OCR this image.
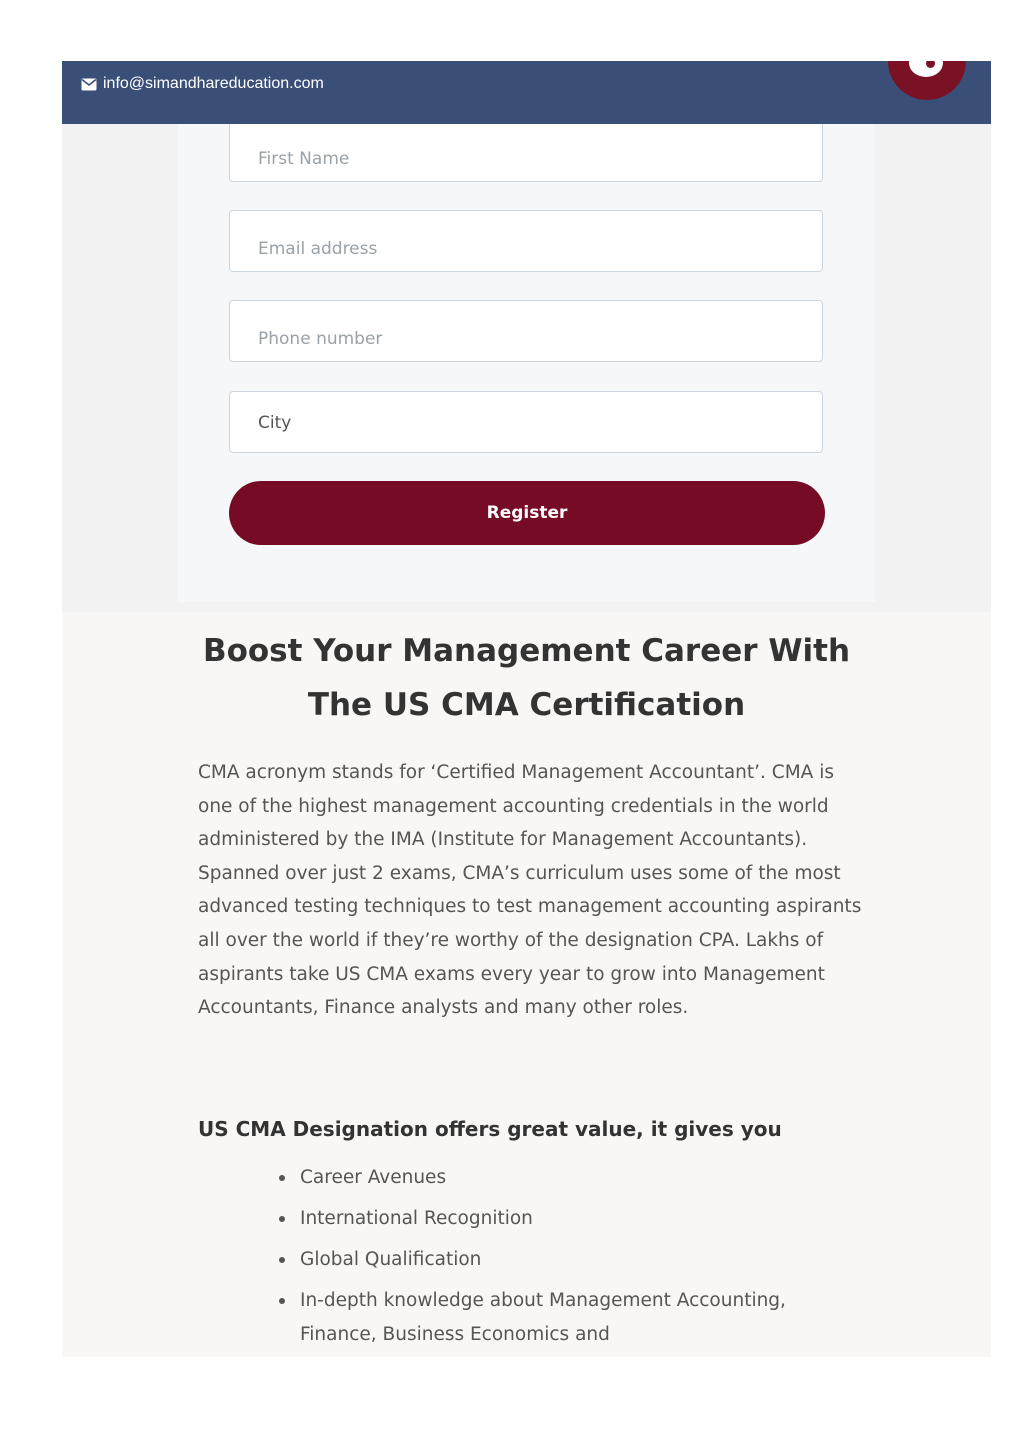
info@simandhareducation.com
First Name
Email address
Phone number
City
Register
Boost Your Management Career With
The US CMA Certification

CMA acronym stands for ‘Certified Management Accountant’. CMA is one of the highest management accounting credentials in the world administered by the IMA (Institute for Management Accountants). Spanned over just 2 exams, CMA’s curriculum uses some of the most advanced testing techniques to test management accounting aspirants all over the world if they’re worthy of the designation CPA. Lakhs of aspirants take US CMA exams every year to grow into Management Accountants, Finance analysts and many other roles.

US CMA Designation offers great value, it gives you
Career Avenues
International Recognition
Global Qualification
In-depth knowledge about Management Accounting, Finance, Business Economics and
